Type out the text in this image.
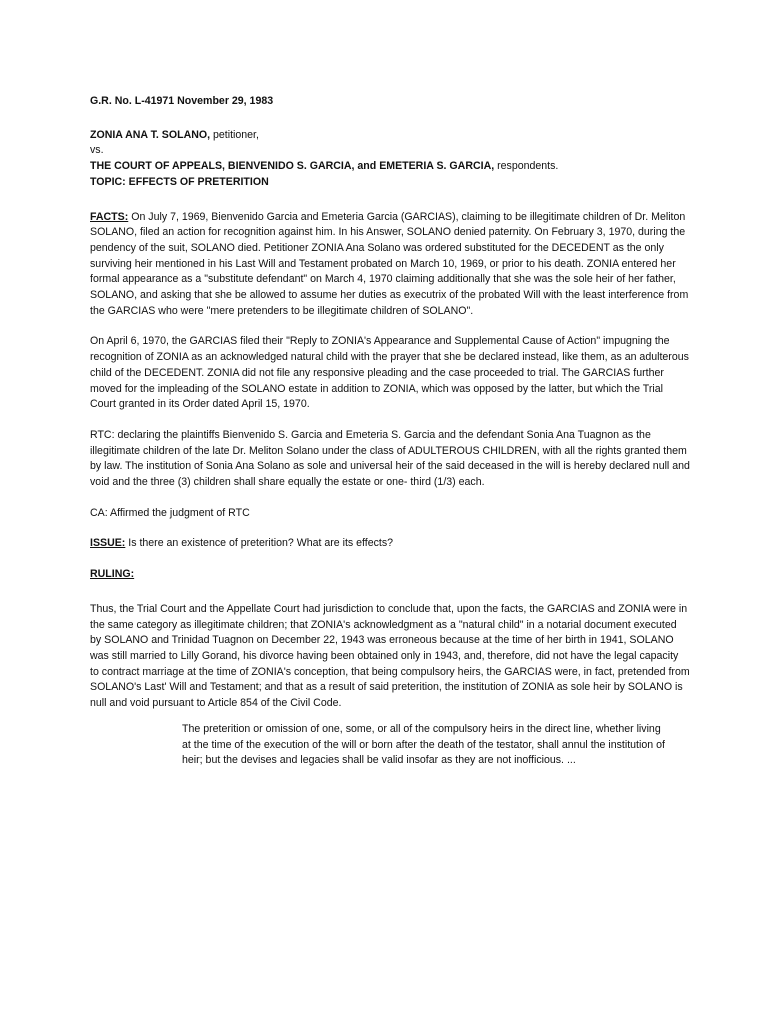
G.R. No. L-41971 November 29, 1983

ZONIA ANA T. SOLANO, petitioner,

vs.

THE COURT OF APPEALS, BIENVENIDO S. GARCIA, and EMETERIA S. GARCIA, respondents.

TOPIC: EFFECTS OF PRETERITION

FACTS: On July 7, 1969, Bienvenido Garcia and Emeteria Garcia (GARCIAS), claiming to be illegitimate children of Dr. Meliton SOLANO, filed an action for recognition against him. In his Answer, SOLANO denied paternity. On February 3, 1970, during the pendency of the suit, SOLANO died. Petitioner ZONIA Ana Solano was ordered substituted for the DECEDENT as the only surviving heir mentioned in his Last Will and Testament probated on March 10, 1969, or prior to his death. ZONIA entered her formal appearance as a "substitute defendant" on March 4, 1970 claiming additionally that she was the sole heir of her father, SOLANO, and asking that she be allowed to assume her duties as executrix of the probated Will with the least interference from the GARCIAS who were "mere pretenders to be illegitimate children of SOLANO".

On April 6, 1970, the GARCIAS filed their "Reply to ZONIA's Appearance and Supplemental Cause of Action" impugning the recognition of ZONIA as an acknowledged natural child with the prayer that she be declared instead, like them, as an adulterous child of the DECEDENT. ZONIA did not file any responsive pleading and the case proceeded to trial. The GARCIAS further moved for the impleading of the SOLANO estate in addition to ZONIA, which was opposed by the latter, but which the Trial Court granted in its Order dated April 15, 1970.

RTC: declaring the plaintiffs Bienvenido S. Garcia and Emeteria S. Garcia and the defendant Sonia Ana Tuagnon as the illegitimate children of the late Dr. Meliton Solano under the class of ADULTEROUS CHILDREN, with all the rights granted them by law. The institution of Sonia Ana Solano as sole and universal heir of the said deceased in the will is hereby declared null and void and the three (3) children shall share equally the estate or one- third (1/3) each.

CA: Affirmed the judgment of RTC

ISSUE: Is there an existence of preterition? What are its effects?

RULING:

Thus, the Trial Court and the Appellate Court had jurisdiction to conclude that, upon the facts, the GARCIAS and ZONIA were in the same category as illegitimate children; that ZONIA's acknowledgment as a "natural child" in a notarial document executed by SOLANO and Trinidad Tuagnon on December 22, 1943 was erroneous because at the time of her birth in 1941, SOLANO was still married to Lilly Gorand, his divorce having been obtained only in 1943, and, therefore, did not have the legal capacity to contract marriage at the time of ZONIA's conception, that being compulsory heirs, the GARCIAS were, in fact, pretended from SOLANO's Last' Will and Testament; and that as a result of said preterition, the institution of ZONIA as sole heir by SOLANO is null and void pursuant to Article 854 of the Civil Code.

The preterition or omission of one, some, or all of the compulsory heirs in the direct line, whether living at the time of the execution of the will or born after the death of the testator, shall annul the institution of heir; but the devises and legacies shall be valid insofar as they are not inofficious. ...
